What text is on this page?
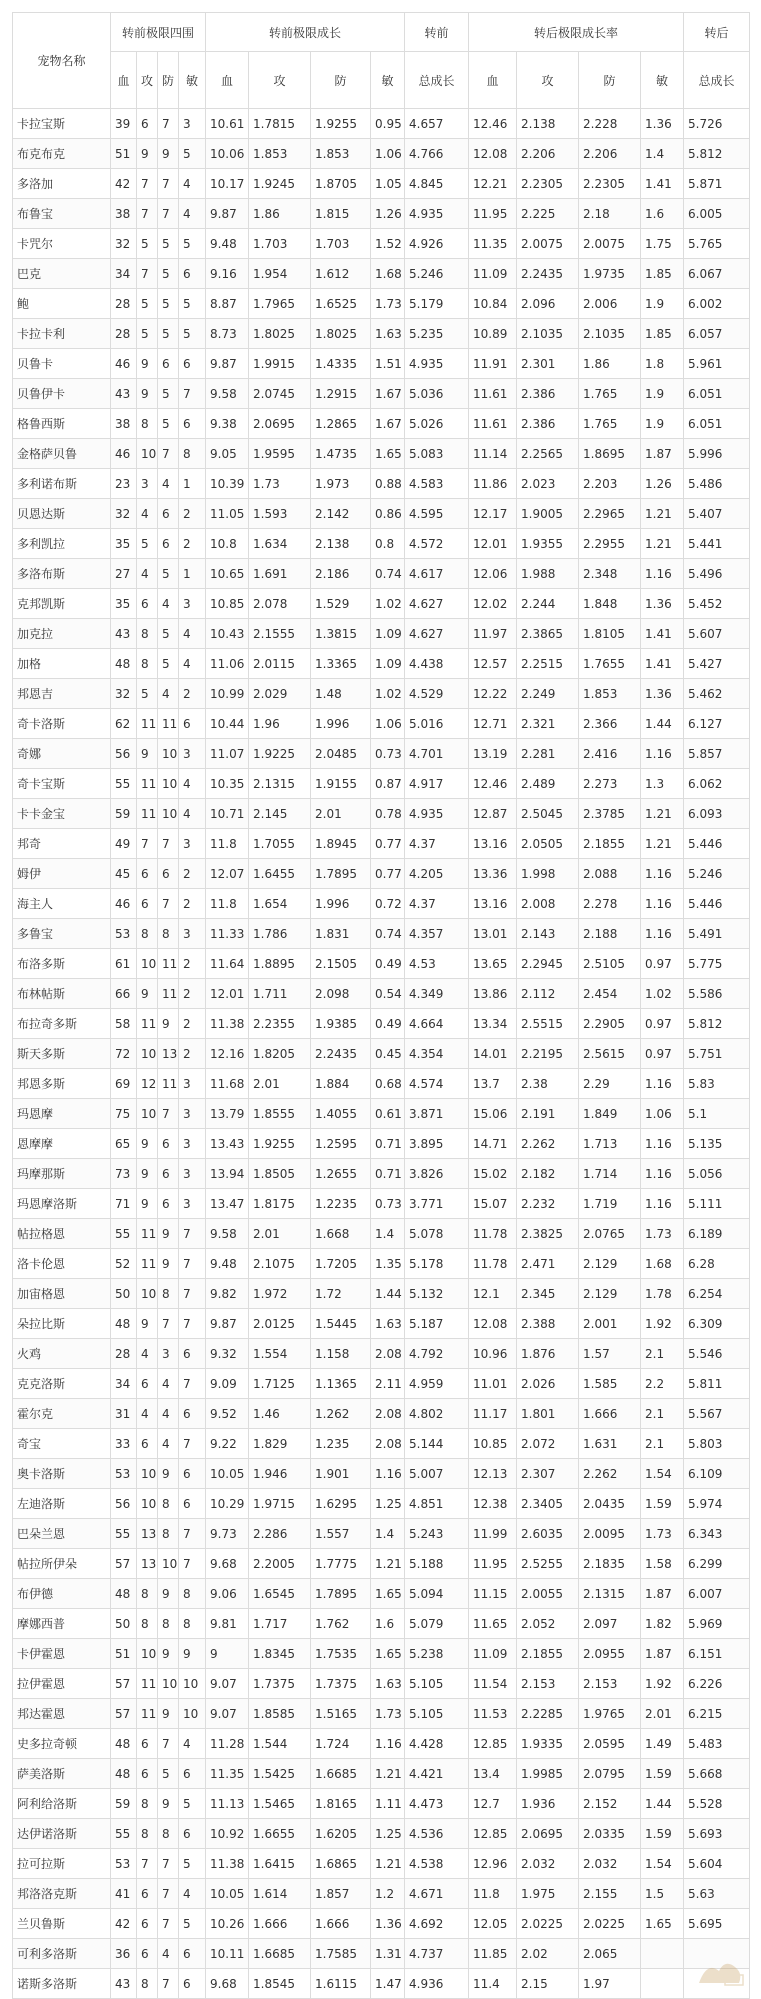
宠物名称	转前极限四围				转前极限成长				转前	转后极限成长率				转后
	血	攻	防	敏	血	攻	防	敏	总成长	血	攻	防	敏	总成长
卡拉宝斯	39	6	7	3	10.61	1.7815	1.9255	0.95	4.657	12.46	2.138	2.228	1.36	5.726
布克布克	51	9	9	5	10.06	1.853	1.853	1.06	4.766	12.08	2.206	2.206	1.4	5.812
多洛加	42	7	7	4	10.17	1.9245	1.8705	1.05	4.845	12.21	2.2305	2.2305	1.41	5.871
布鲁宝	38	7	7	4	9.87	1.86	1.815	1.26	4.935	11.95	2.225	2.18	1.6	6.005
卡咒尔	32	5	5	5	9.48	1.703	1.703	1.52	4.926	11.35	2.0075	2.0075	1.75	5.765
巴克	34	7	5	6	9.16	1.954	1.612	1.68	5.246	11.09	2.2435	1.9735	1.85	6.067
鲍	28	5	5	5	8.87	1.7965	1.6525	1.73	5.179	10.84	2.096	2.006	1.9	6.002
卡拉卡利	28	5	5	5	8.73	1.8025	1.8025	1.63	5.235	10.89	2.1035	2.1035	1.85	6.057
贝鲁卡	46	9	6	6	9.87	1.9915	1.4335	1.51	4.935	11.91	2.301	1.86	1.8	5.961
贝鲁伊卡	43	9	5	7	9.58	2.0745	1.2915	1.67	5.036	11.61	2.386	1.765	1.9	6.051
格鲁西斯	38	8	5	6	9.38	2.0695	1.2865	1.67	5.026	11.61	2.386	1.765	1.9	6.051
金格萨贝鲁	46	10	7	8	9.05	1.9595	1.4735	1.65	5.083	11.14	2.2565	1.8695	1.87	5.996
多利诺布斯	23	3	4	1	10.39	1.73	1.973	0.88	4.583	11.86	2.023	2.203	1.26	5.486
贝恩达斯	32	4	6	2	11.05	1.593	2.142	0.86	4.595	12.17	1.9005	2.2965	1.21	5.407
多利凯拉	35	5	6	2	10.8	1.634	2.138	0.8	4.572	12.01	1.9355	2.2955	1.21	5.441
多洛布斯	27	4	5	1	10.65	1.691	2.186	0.74	4.617	12.06	1.988	2.348	1.16	5.496
克邦凯斯	35	6	4	3	10.85	2.078	1.529	1.02	4.627	12.02	2.244	1.848	1.36	5.452
加克拉	43	8	5	4	10.43	2.1555	1.3815	1.09	4.627	11.97	2.3865	1.8105	1.41	5.607
加格	48	8	5	4	11.06	2.0115	1.3365	1.09	4.438	12.57	2.2515	1.7655	1.41	5.427
邦恩吉	32	5	4	2	10.99	2.029	1.48	1.02	4.529	12.22	2.249	1.853	1.36	5.462
奇卡洛斯	62	11	11	6	10.44	1.96	1.996	1.06	5.016	12.71	2.321	2.366	1.44	6.127
奇娜	56	9	10	3	11.07	1.9225	2.0485	0.73	4.701	13.19	2.281	2.416	1.16	5.857
奇卡宝斯	55	11	10	4	10.35	2.1315	1.9155	0.87	4.917	12.46	2.489	2.273	1.3	6.062
卡卡金宝	59	11	10	4	10.71	2.145	2.01	0.78	4.935	12.87	2.5045	2.3785	1.21	6.093
邦奇	49	7	7	3	11.8	1.7055	1.8945	0.77	4.37	13.16	2.0505	2.1855	1.21	5.446
姆伊	45	6	6	2	12.07	1.6455	1.7895	0.77	4.205	13.36	1.998	2.088	1.16	5.246
海主人	46	6	7	2	11.8	1.654	1.996	0.72	4.37	13.16	2.008	2.278	1.16	5.446
多鲁宝	53	8	8	3	11.33	1.786	1.831	0.74	4.357	13.01	2.143	2.188	1.16	5.491
布洛多斯	61	10	11	2	11.64	1.8895	2.1505	0.49	4.53	13.65	2.2945	2.5105	0.97	5.775
布林帖斯	66	9	11	2	12.01	1.711	2.098	0.54	4.349	13.86	2.112	2.454	1.02	5.586
布拉奇多斯	58	11	9	2	11.38	2.2355	1.9385	0.49	4.664	13.34	2.5515	2.2905	0.97	5.812
斯天多斯	72	10	13	2	12.16	1.8205	2.2435	0.45	4.354	14.01	2.2195	2.5615	0.97	5.751
邦恩多斯	69	12	11	3	11.68	2.01	1.884	0.68	4.574	13.7	2.38	2.29	1.16	5.83
玛恩摩	75	10	7	3	13.79	1.8555	1.4055	0.61	3.871	15.06	2.191	1.849	1.06	5.1
恩摩摩	65	9	6	3	13.43	1.9255	1.2595	0.71	3.895	14.71	2.262	1.713	1.16	5.135
玛摩那斯	73	9	6	3	13.94	1.8505	1.2655	0.71	3.826	15.02	2.182	1.714	1.16	5.056
玛恩摩洛斯	71	9	6	3	13.47	1.8175	1.2235	0.73	3.771	15.07	2.232	1.719	1.16	5.111
帖拉格恩	55	11	9	7	9.58	2.01	1.668	1.4	5.078	11.78	2.3825	2.0765	1.73	6.189
洛卡伦恩	52	11	9	7	9.48	2.1075	1.7205	1.35	5.178	11.78	2.471	2.129	1.68	6.28
加宙格恩	50	10	8	7	9.82	1.972	1.72	1.44	5.132	12.1	2.345	2.129	1.78	6.254
朵拉比斯	48	9	7	7	9.87	2.0125	1.5445	1.63	5.187	12.08	2.388	2.001	1.92	6.309
火鸡	28	4	3	6	9.32	1.554	1.158	2.08	4.792	10.96	1.876	1.57	2.1	5.546
克克洛斯	34	6	4	7	9.09	1.7125	1.1365	2.11	4.959	11.01	2.026	1.585	2.2	5.811
霍尔克	31	4	4	6	9.52	1.46	1.262	2.08	4.802	11.17	1.801	1.666	2.1	5.567
奇宝	33	6	4	7	9.22	1.829	1.235	2.08	5.144	10.85	2.072	1.631	2.1	5.803
奥卡洛斯	53	10	9	6	10.05	1.946	1.901	1.16	5.007	12.13	2.307	2.262	1.54	6.109
左迪洛斯	56	10	8	6	10.29	1.9715	1.6295	1.25	4.851	12.38	2.3405	2.0435	1.59	5.974
巴朵兰恩	55	13	8	7	9.73	2.286	1.557	1.4	5.243	11.99	2.6035	2.0095	1.73	6.343
帖拉所伊朵	57	13	10	7	9.68	2.2005	1.7775	1.21	5.188	11.95	2.5255	2.1835	1.58	6.299
布伊德	48	8	9	8	9.06	1.6545	1.7895	1.65	5.094	11.15	2.0055	2.1315	1.87	6.007
摩娜西普	50	8	8	8	9.81	1.717	1.762	1.6	5.079	11.65	2.052	2.097	1.82	5.969
卡伊霍恩	51	10	9	9	9	1.8345	1.7535	1.65	5.238	11.09	2.1855	2.0955	1.87	6.151
拉伊霍恩	57	11	10	10	9.07	1.7375	1.7375	1.63	5.105	11.54	2.153	2.153	1.92	6.226
邦达霍恩	57	11	9	10	9.07	1.8585	1.5165	1.73	5.105	11.53	2.2285	1.9765	2.01	6.215
史多拉奇顿	48	6	7	4	11.28	1.544	1.724	1.16	4.428	12.85	1.9335	2.0595	1.49	5.483
萨美洛斯	48	6	5	6	11.35	1.5425	1.6685	1.21	4.421	13.4	1.9985	2.0795	1.59	5.668
阿利给洛斯	59	8	9	5	11.13	1.5465	1.8165	1.11	4.473	12.7	1.936	2.152	1.44	5.528
达伊诺洛斯	55	8	8	6	10.92	1.6655	1.6205	1.25	4.536	12.85	2.0695	2.0335	1.59	5.693
拉可拉斯	53	7	7	5	11.38	1.6415	1.6865	1.21	4.538	12.96	2.032	2.032	1.54	5.604
邦洛洛克斯	41	6	7	4	10.05	1.614	1.857	1.2	4.671	11.8	1.975	2.155	1.5	5.63
兰贝鲁斯	42	6	7	5	10.26	1.666	1.666	1.36	4.692	12.05	2.0225	2.0225	1.65	5.695
可利多洛斯	36	6	4	6	10.11	1.6685	1.7585	1.31	4.737	11.85	2.02	2.065		
诺斯多洛斯	43	8	7	6	9.68	1.8545	1.6115	1.47	4.936	11.4	2.15	1.97		
